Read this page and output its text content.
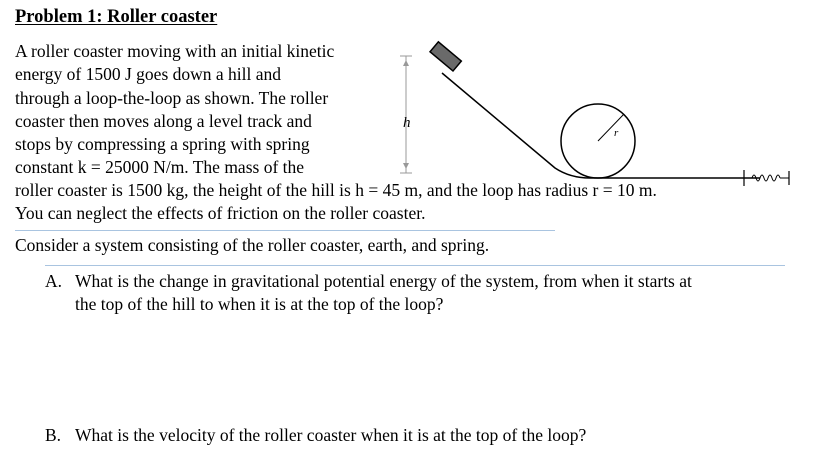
Problem 1: Roller coaster
A roller coaster moving with an initial kinetic
energy of 1500 J goes down a hill and
through a loop-the-loop as shown. The roller
coaster then moves along a level track and
stops by compressing a spring with spring
constant k = 25000 N/m. The mass of the
roller coaster is 1500 kg, the height of the hill is h = 45 m, and the loop has radius r = 10 m.
You can neglect the effects of friction on the roller coaster.
Consider a system consisting of the roller coaster, earth, and spring.
A. What is the change in gravitational potential energy of the system, from when it starts at
the top of the hill to when it is at the top of the loop?
B. What is the velocity of the roller coaster when it is at the top of the loop?
h
r
